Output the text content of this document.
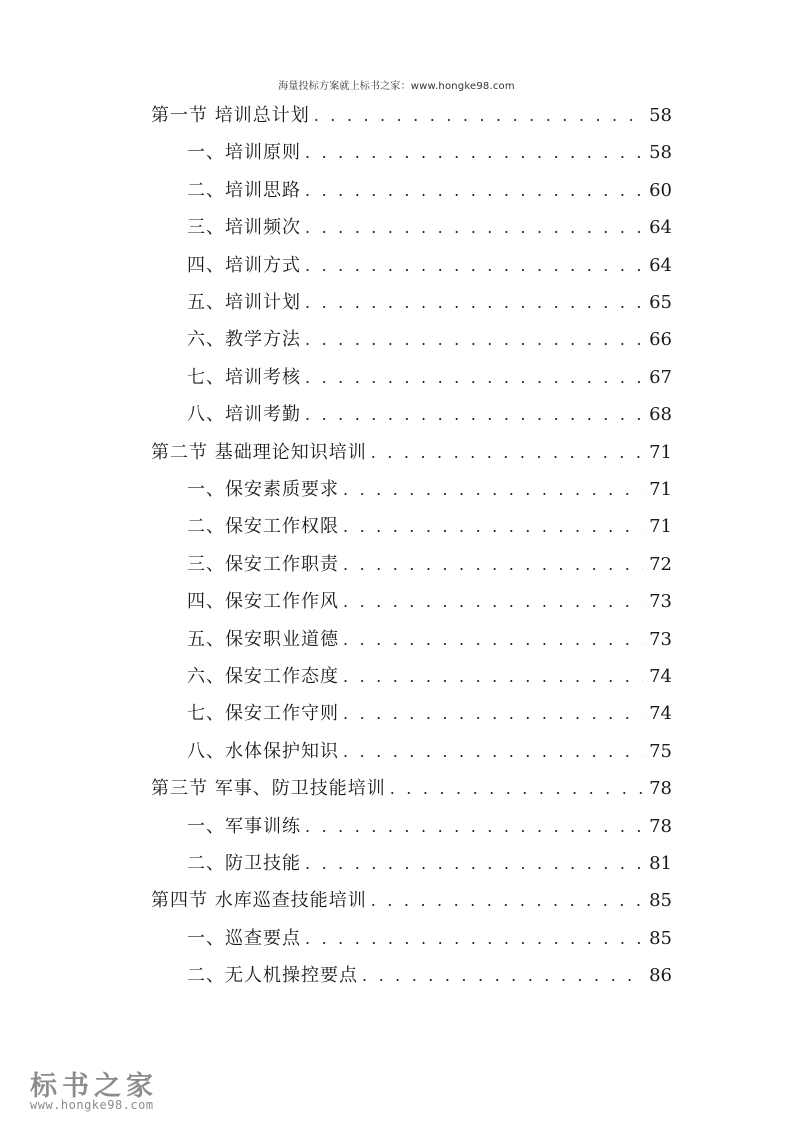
海量投标方案就上标书之家：www.hongke98.com
第一节 培训总计划 . . .	58
一、培训原则 . . .	58
二、培训思路 . . .	60
三、培训频次 . . .	64
四、培训方式 . . .	64
五、培训计划 . . .	65
六、教学方法 . . .	66
七、培训考核 . . .	67
八、培训考勤 . . .	68
第二节 基础理论知识培训 . . .	71
一、保安素质要求 . . .	71
二、保安工作权限 . . .	71
三、保安工作职责 . . .	72
四、保安工作作风 . . .	73
五、保安职业道德 . . .	73
六、保安工作态度 . . .	74
七、保安工作守则 . . .	74
八、水体保护知识 . . .	75
第三节 军事、防卫技能培训 . . .	78
一、军事训练 . . .	78
二、防卫技能 . . .	81
第四节 水库巡查技能培训 . . .	85
一、巡查要点 . . .	85
二、无人机操控要点 . . .	86
标书之家
www.hongke98.com
